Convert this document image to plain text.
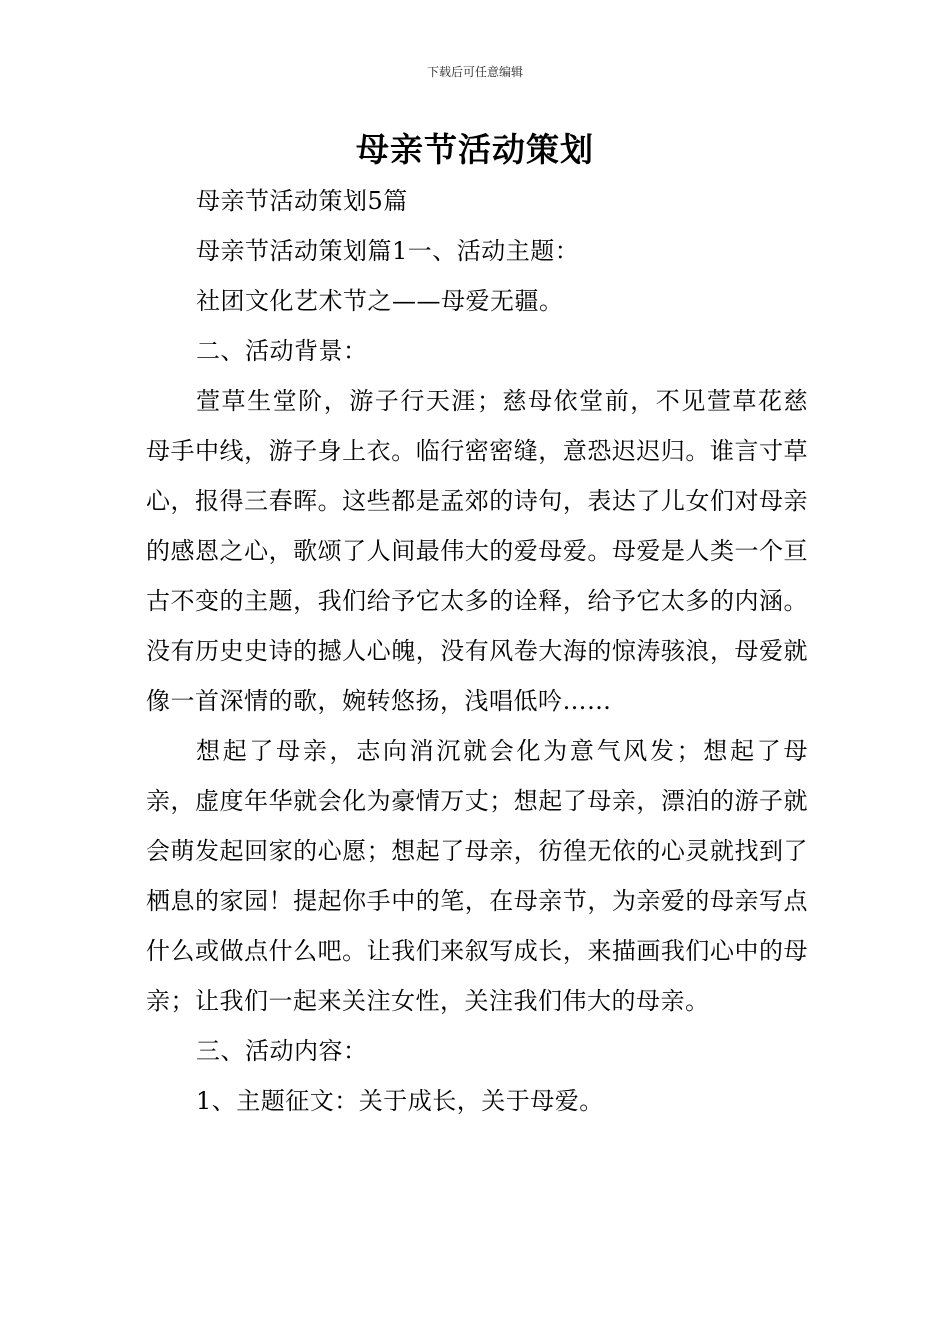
下载后可任意编辑
母亲节活动策划

母亲节活动策划5篇

母亲节活动策划篇1一、活动主题：

社团文化艺术节之——母爱无疆。

二、活动背景：

萱草生堂阶，游子行天涯；慈母依堂前，不见萱草花慈母手中线，游子身上衣。临行密密缝，意恐迟迟归。谁言寸草心，报得三春晖。这些都是孟郊的诗句，表达了儿女们对母亲的感恩之心，歌颂了人间最伟大的爱母爱。母爱是人类一个亘古不变的主题，我们给予它太多的诠释，给予它太多的内涵。没有历史史诗的撼人心魄，没有风卷大海的惊涛骇浪，母爱就像一首深情的歌，婉转悠扬，浅唱低吟……

想起了母亲，志向消沉就会化为意气风发；想起了母亲，虚度年华就会化为豪情万丈；想起了母亲，漂泊的游子就会萌发起回家的心愿；想起了母亲，彷徨无依的心灵就找到了栖息的家园！提起你手中的笔，在母亲节，为亲爱的母亲写点什么或做点什么吧。让我们来叙写成长，来描画我们心中的母亲；让我们一起来关注女性，关注我们伟大的母亲。

三、活动内容：

1、主题征文：关于成长，关于母爱。
